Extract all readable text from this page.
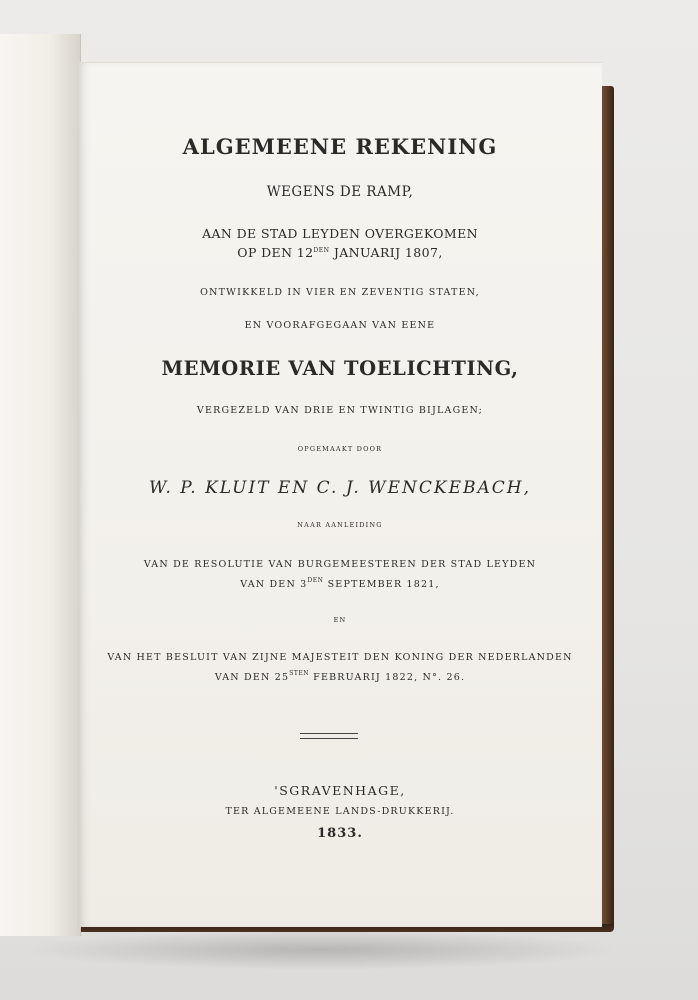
ALGEMEENE REKENING
WEGENS DE RAMP,
AAN DE STAD LEYDEN OVERGEKOMEN
OP DEN $12^{DEN}$ JANUARIJ 1807,
ONTWIKKELD IN VIER EN ZEVENTIG STATEN,
EN VOORAFGEGAAN VAN EENE
MEMORIE VAN TOELICHTING,
VERGEZELD VAN DRIE EN TWINTIG BIJLAGEN;
OPGEMAAKT DOOR
W. P. KLUIT EN C. J. WENCKEBACH,
NAAR AANLEIDING
VAN DE RESOLUTIE VAN BURGEMEESTEREN DER STAD LEYDEN
VAN DEN $3^{DEN}$ SEPTEMBER 1821,
EN
VAN HET BESLUIT VAN ZIJNE MAJESTEIT DEN KONING DER NEDERLANDEN
VAN DEN $25^{STEN}$ FEBRUARIJ 1822, N°. 26.
'SGRAVENHAGE,
TER ALGEMEENE LANDS-DRUKKERIJ.
1833.
